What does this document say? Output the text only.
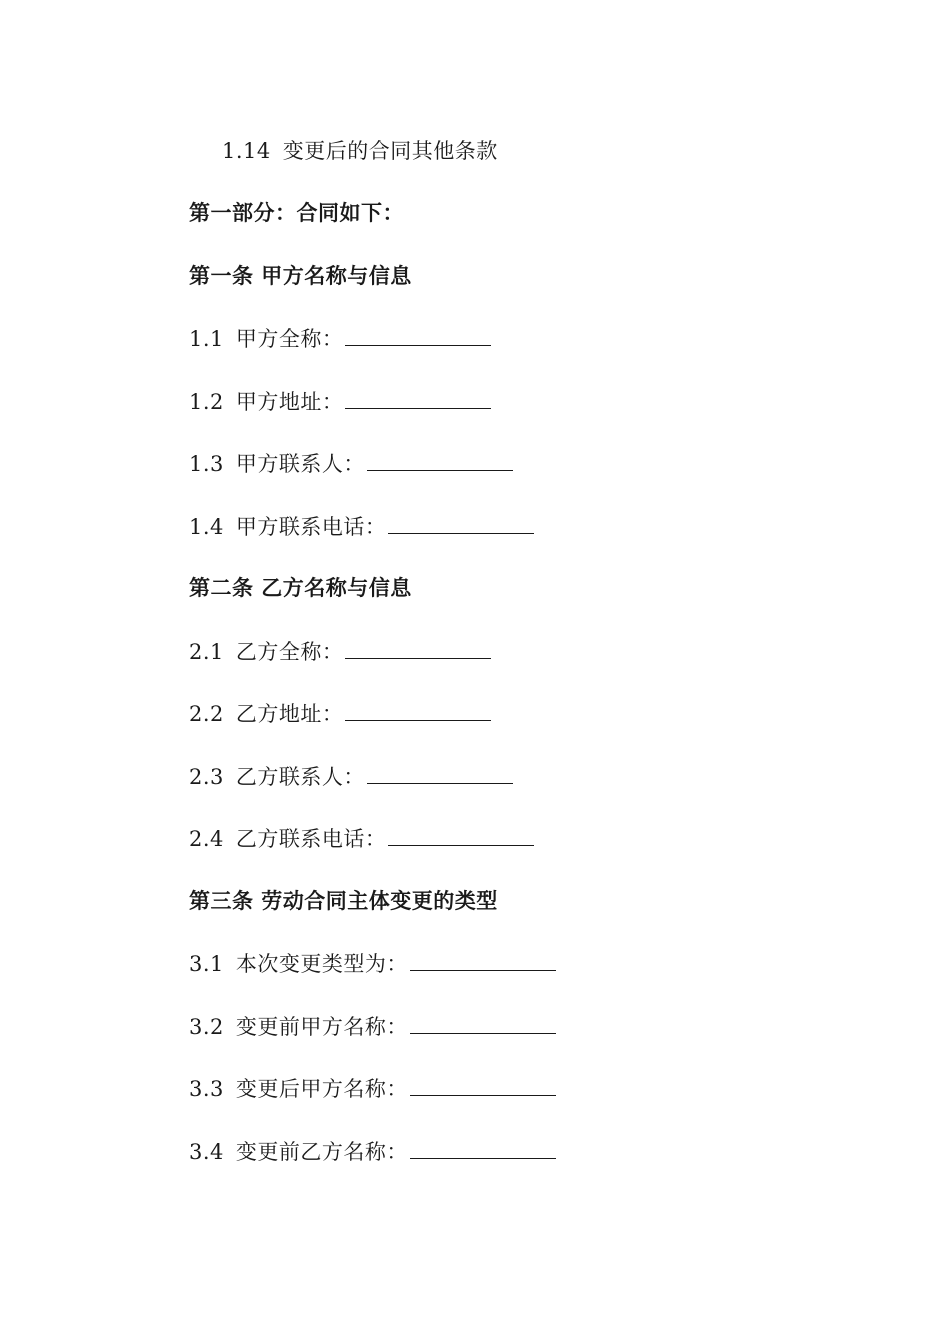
1.14 变更后的合同其他条款
第一部分：合同如下：
第一条 甲方名称与信息
1.1 甲方全称：
1.2 甲方地址：
1.3 甲方联系人：
1.4 甲方联系电话：
第二条 乙方名称与信息
2.1 乙方全称：
2.2 乙方地址：
2.3 乙方联系人：
2.4 乙方联系电话：
第三条 劳动合同主体变更的类型
3.1 本次变更类型为：
3.2 变更前甲方名称：
3.3 变更后甲方名称：
3.4 变更前乙方名称：
